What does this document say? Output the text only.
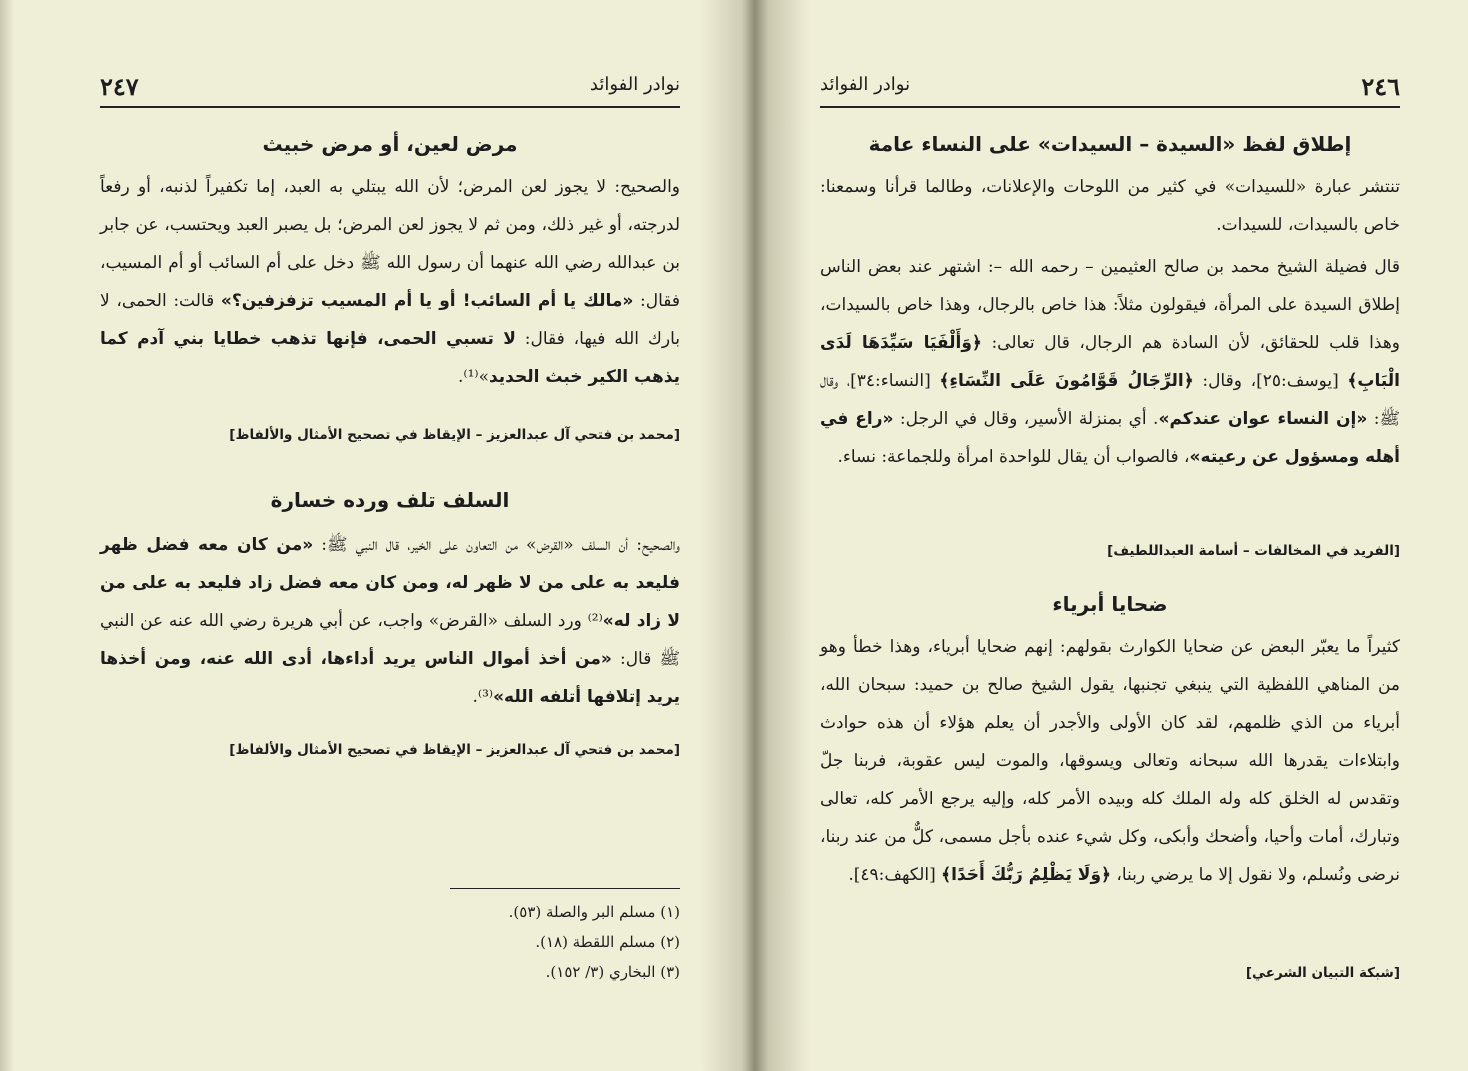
٢٤٦
نوادر الفوائد
إطلاق لفظ «السيدة – السيدات» على النساء عامة
تنتشر عبارة «للسيدات» في كثير من اللوحات والإعلانات، وطالما قرأنا وسمعنا: خاص بالسيدات، للسيدات.
قال فضيلة الشيخ محمد بن صالح العثيمين – رحمه الله –: اشتهر عند بعض الناس إطلاق السيدة على المرأة، فيقولون مثلاً: هذا خاص بالرجال، وهذا خاص بالسيدات، وهذا قلب للحقائق، لأن السادة هم الرجال، قال تعالى: ﴿وَأَلْفَيَا سَيِّدَهَا لَدَى الْبَابِ﴾ [يوسف:٢٥]، وقال: ﴿الرِّجَالُ قَوَّامُونَ عَلَى النِّسَاءِ﴾ [النساء:٣٤]، وقال ﷺ: «إن النساء عوان عندكم». أي بمنزلة الأسير، وقال في الرجل: «راع في أهله ومسؤول عن رعيته»، فالصواب أن يقال للواحدة امرأة وللجماعة: نساء.
[الفريد في المخالفات – أسامة العبداللطيف]
ضحايا أبرياء
كثيراً ما يعبّر البعض عن ضحايا الكوارث بقولهم: إنهم ضحايا أبرياء، وهذا خطأ وهو من المناهي اللفظية التي ينبغي تجنبها، يقول الشيخ صالح بن حميد: سبحان الله، أبرياء من الذي ظلمهم، لقد كان الأولى والأجدر أن يعلم هؤلاء أن هذه حوادث وابتلاءات يقدرها الله سبحانه وتعالى ويسوقها، والموت ليس عقوبة، فربنا جلّ وتقدس له الخلق كله وله الملك كله وبيده الأمر كله، وإليه يرجع الأمر كله، تعالى وتبارك، أمات وأحيا، وأضحك وأبكى، وكل شيء عنده بأجل مسمى، كلٌّ من عند ربنا، نرضى ونُسلم، ولا نقول إلا ما يرضي ربنا، ﴿وَلَا يَظْلِمُ رَبُّكَ أَحَدًا﴾ [الكهف:٤٩].
[شبكة التبيان الشرعي]
٢٤٧	نوادر الفوائد
مرض لعين، أو مرض خبيث
والصحيح: لا يجوز لعن المرض؛ لأن الله يبتلي به العبد، إما تكفيراً لذنبه، أو رفعاً لدرجته، أو غير ذلك، ومن ثم لا يجوز لعن المرض؛ بل يصبر العبد ويحتسب، عن جابر بن عبدالله رضي الله عنهما أن رسول الله ﷺ دخل على أم السائب أو أم المسيب، فقال: «مالك يا أم السائب! أو يا أم المسيب تزفزفين؟» قالت: الحمى، لا بارك الله فيها، فقال: لا تسبي الحمى، فإنها تذهب خطايا بني آدم كما يذهب الكير خبث الحديد»⁽¹⁾.
[محمد بن فتحي آل عبدالعزيز – الإيقاظ في تصحيح الأمثال والألفاظ]
السلف تلف ورده خسارة
والصحيح: أن السلف «القرض» من التعاون على الخير، قال النبي ﷺ: «من كان معه فضل ظهر فليعد به على من لا ظهر له، ومن كان معه فضل زاد فليعد به على من لا زاد له»⁽²⁾ ورد السلف «القرض» واجب، عن أبي هريرة رضي الله عنه عن النبي ﷺ قال: «من أخذ أموال الناس يريد أداءها، أدى الله عنه، ومن أخذها يريد إتلافها أتلفه الله»⁽³⁾.
[محمد بن فتحي آل عبدالعزيز – الإيقاظ في تصحيح الأمثال والألفاظ]
(١) مسلم البر والصلة (٥٣).
(٢) مسلم اللقطة (١٨).
(٣) البخاري (٣/ ١٥٢).
